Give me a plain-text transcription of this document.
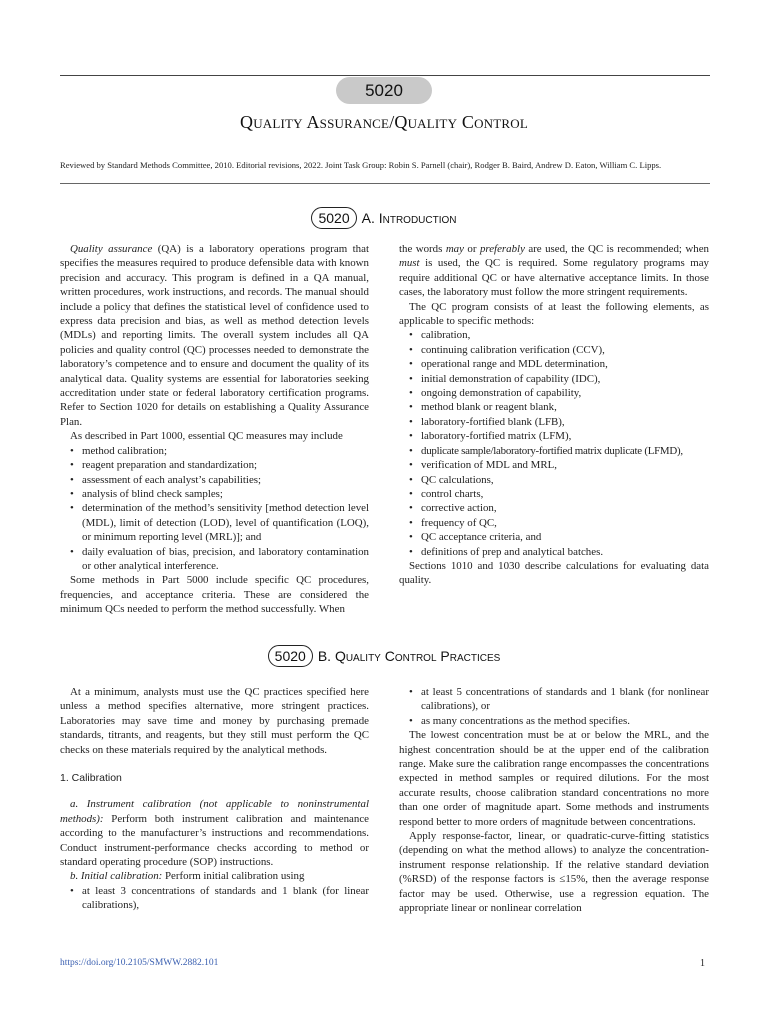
5020
Quality Assurance/Quality Control
Reviewed by Standard Methods Committee, 2010. Editorial revisions, 2022. Joint Task Group: Robin S. Parnell (chair), Rodger B. Baird, Andrew D. Eaton, William C. Lipps.
5020 A. Introduction

Quality assurance (QA) is a laboratory operations program that specifies the measures required to produce defensible data with known precision and accuracy. This program is defined in a QA manual, written procedures, work instructions, and records. The manual should include a policy that defines the statistical level of confidence used to express data precision and bias, as well as method detection levels (MDLs) and reporting limits. The overall system includes all QA policies and quality control (QC) processes needed to demonstrate the laboratory’s competence and to ensure and document the quality of its analytical data. Quality systems are essential for laboratories seeking accreditation under state or federal laboratory certification programs. Refer to Section 1020 for details on establishing a Quality Assurance Plan.

As described in Part 1000, essential QC measures may include

• method calibration;
• reagent preparation and standardization;
• assessment of each analyst’s capabilities;
• analysis of blind check samples;
• determination of the method’s sensitivity [method detection level (MDL), limit of detection (LOD), level of quantification (LOQ), or minimum reporting level (MRL)]; and
• daily evaluation of bias, precision, and laboratory contamination or other analytical interference.

Some methods in Part 5000 include specific QC procedures, frequencies, and acceptance criteria. These are considered the minimum QCs needed to perform the method successfully. When

the words may or preferably are used, the QC is recommended; when must is used, the QC is required. Some regulatory programs may require additional QC or have alternative acceptance limits. In those cases, the laboratory must follow the more stringent requirements.

The QC program consists of at least the following elements, as applicable to specific methods:

• calibration,
• continuing calibration verification (CCV),
• operational range and MDL determination,
• initial demonstration of capability (IDC),
• ongoing demonstration of capability,
• method blank or reagent blank,
• laboratory-fortified blank (LFB),
• laboratory-fortified matrix (LFM),
• duplicate sample/laboratory-fortified matrix duplicate (LFMD),
• verification of MDL and MRL,
• QC calculations,
• control charts,
• corrective action,
• frequency of QC,
• QC acceptance criteria, and
• definitions of prep and analytical batches.

Sections 1010 and 1030 describe calculations for evaluating data quality.

5020 B. Quality Control Practices

At a minimum, analysts must use the QC practices specified here unless a method specifies alternative, more stringent practices. Laboratories may save time and money by purchasing premade standards, titrants, and reagents, but they still must perform the QC checks on these materials required by the analytical methods.

1. Calibration

a. Instrument calibration (not applicable to noninstrumental methods): Perform both instrument calibration and maintenance according to the manufacturer’s instructions and recommendations. Conduct instrument-performance checks according to method or standard operating procedure (SOP) instructions.

b. Initial calibration: Perform initial calibration using

• at least 3 concentrations of standards and 1 blank (for linear calibrations),
• at least 5 concentrations of standards and 1 blank (for nonlinear calibrations), or
• as many concentrations as the method specifies.

The lowest concentration must be at or below the MRL, and the highest concentration should be at the upper end of the calibration range. Make sure the calibration range encompasses the concentrations expected in method samples or required dilutions. For the most accurate results, choose calibration standard concentrations no more than one order of magnitude apart. Some methods and instruments respond better to more orders of magnitude between concentrations.

Apply response-factor, linear, or quadratic-curve-fitting statistics (depending on what the method allows) to analyze the concentration-instrument response relationship. If the relative standard deviation (%RSD) of the response factors is ≤15%, then the average response factor may be used. Otherwise, use a regression equation. The appropriate linear or nonlinear correlation

https://doi.org/10.2105/SMWW.2882.101	1
